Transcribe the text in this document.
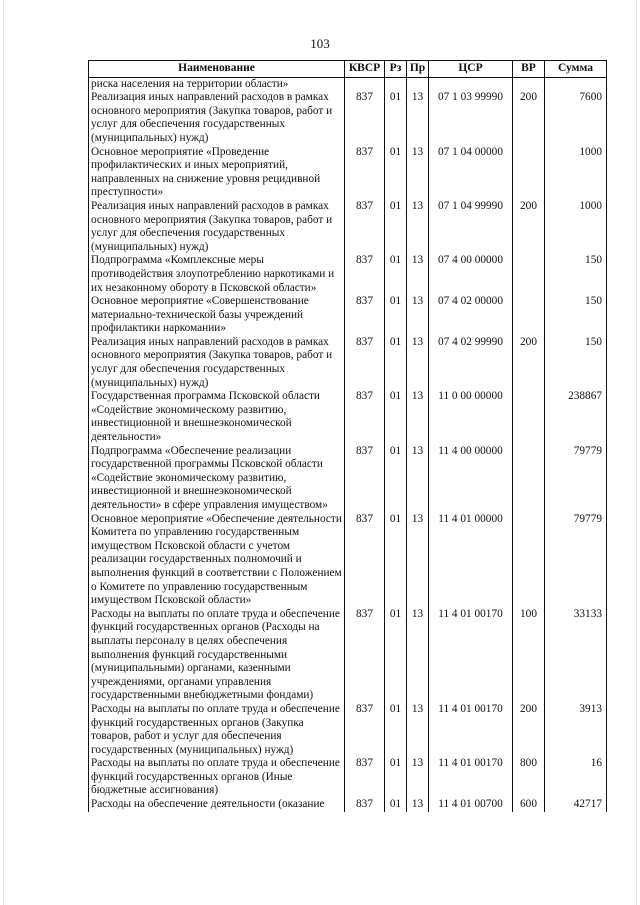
103
Наименование	КВСР	Рз	Пр	ЦСР	ВР	Сумма
риска населения на территории области»						
Реализация иных направлений расходов в рамках основного мероприятия (Закупка товаров, работ и услуг для обеспечения государственных (муниципальных) нужд)	837	01	13	07 1 03 99990	200	7600
Основное мероприятие «Проведение профилактических и иных мероприятий, направленных на снижение уровня рецидивной преступности»	837	01	13	07 1 04 00000		1000
Реализация иных направлений расходов в рамках основного мероприятия (Закупка товаров, работ и услуг для обеспечения государственных (муниципальных) нужд)	837	01	13	07 1 04 99990	200	1000
Подпрограмма «Комплексные меры противодействия злоупотреблению наркотиками и их незаконному обороту в Псковской области»	837	01	13	07 4 00 00000		150
Основное мероприятие «Совершенствование материально-технической базы учреждений профилактики наркомании»	837	01	13	07 4 02 00000		150
Реализация иных направлений расходов в рамках основного мероприятия (Закупка товаров, работ и услуг для обеспечения государственных (муниципальных) нужд)	837	01	13	07 4 02 99990	200	150
Государственная программа Псковской области «Содействие экономическому развитию, инвестиционной и внешнеэкономической деятельности»	837	01	13	11 0 00 00000		238867
Подпрограмма «Обеспечение реализации государственной программы Псковской области «Содействие экономическому развитию, инвестиционной и внешнеэкономической деятельности» в сфере управления имуществом»	837	01	13	11 4 00 00000		79779
Основное мероприятие «Обеспечение деятельности Комитета по управлению государственным имуществом Псковской области с учетом реализации государственных полномочий и выполнения функций в соответствии с Положением о Комитете по управлению государственным имуществом Псковской области»	837	01	13	11 4 01 00000		79779
Расходы на выплаты по оплате труда и обеспечение функций государственных органов (Расходы на выплаты персоналу в целях обеспечения выполнения функций государственными (муниципальными) органами, казенными учреждениями, органами управления государственными внебюджетными фондами)	837	01	13	11 4 01 00170	100	33133
Расходы на выплаты по оплате труда и обеспечение функций государственных органов (Закупка товаров, работ и услуг для обеспечения государственных (муниципальных) нужд)	837	01	13	11 4 01 00170	200	3913
Расходы на выплаты по оплате труда и обеспечение функций государственных органов (Иные бюджетные ассигнования)	837	01	13	11 4 01 00170	800	16
Расходы на обеспечение деятельности (оказание	837	01	13	11 4 01 00700	600	42717
